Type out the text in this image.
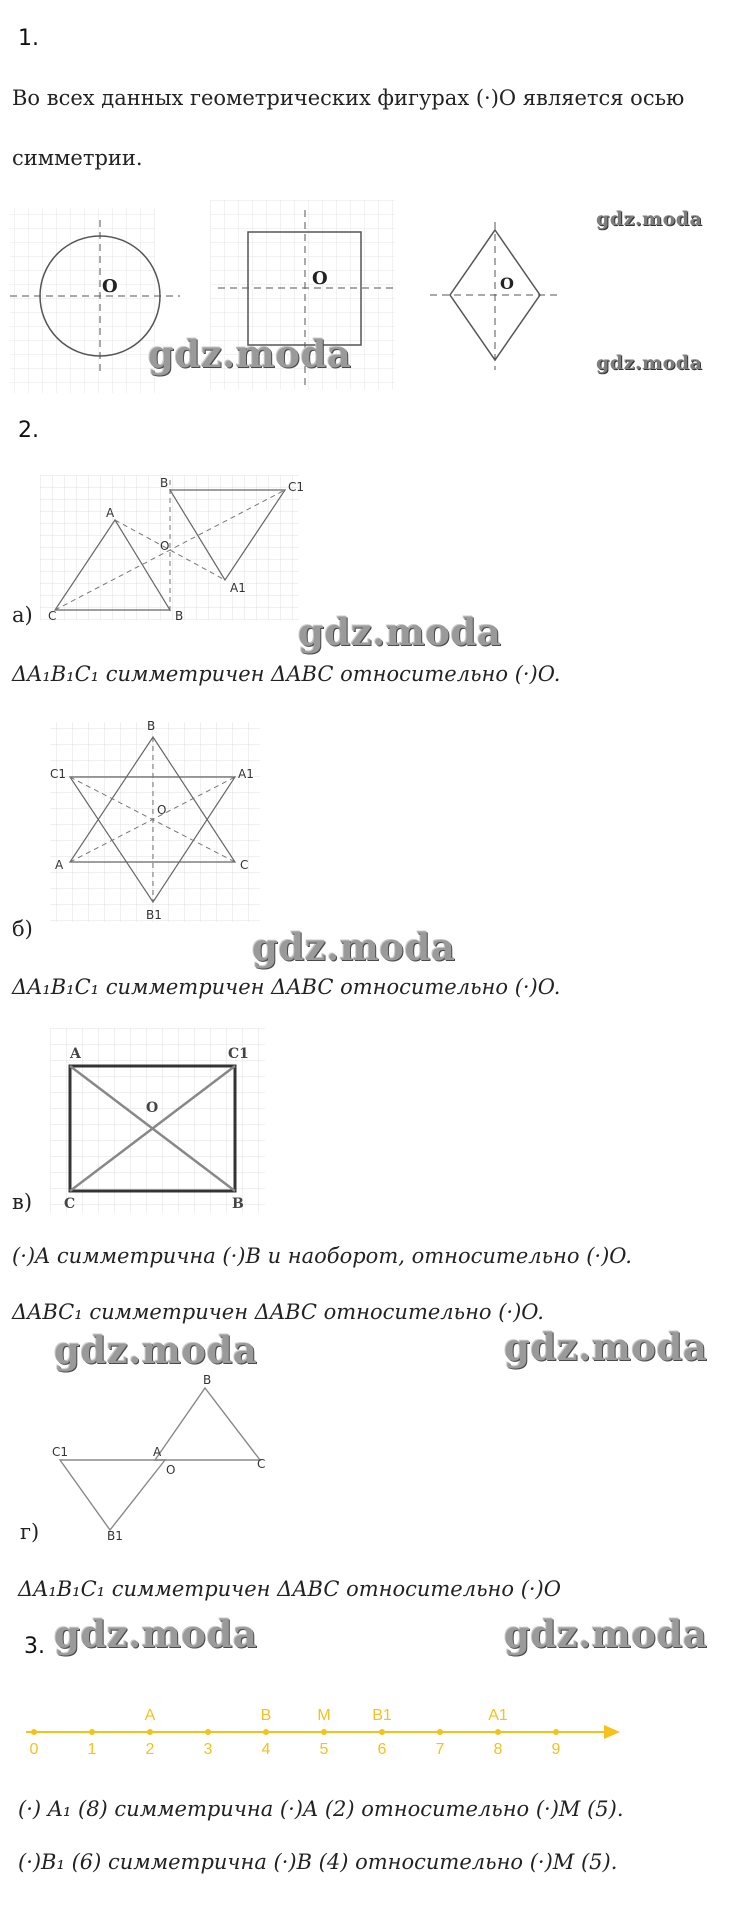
1.
Во всех данных геометрических фигурах (·)O является осью
симметрии.
O	O	O
gdz.moda
gdz.moda
gdz.moda
2.
A
B	C1
O
A1
B
C
а)	gdz.moda
ΔA₁B₁C₁ симметричен ΔABC относительно (·)O.
B
C1	A1
O
A	C
B1
б)	gdz.moda
ΔA₁B₁C₁ симметричен ΔABC относительно (·)O.
A	C1
O
C	B
в)
(·)A симметрична (·)B и наоборот, относительно (·)O.
ΔABC₁ симметричен ΔABC относительно (·)O.
gdz.moda	gdz.moda
B
C1	A
O	C
B1
г)
ΔA₁B₁C₁ симметричен ΔABC относительно (·)O
3. gdz.moda	gdz.moda
0	1	2	3	4	5	6	7	8	9
A	B	M	B1	A1
(·) A₁ (8) симметрична (·)A (2) относительно (·)M (5).
(·)B₁ (6) симметрична (·)B (4) относительно (·)M (5).
